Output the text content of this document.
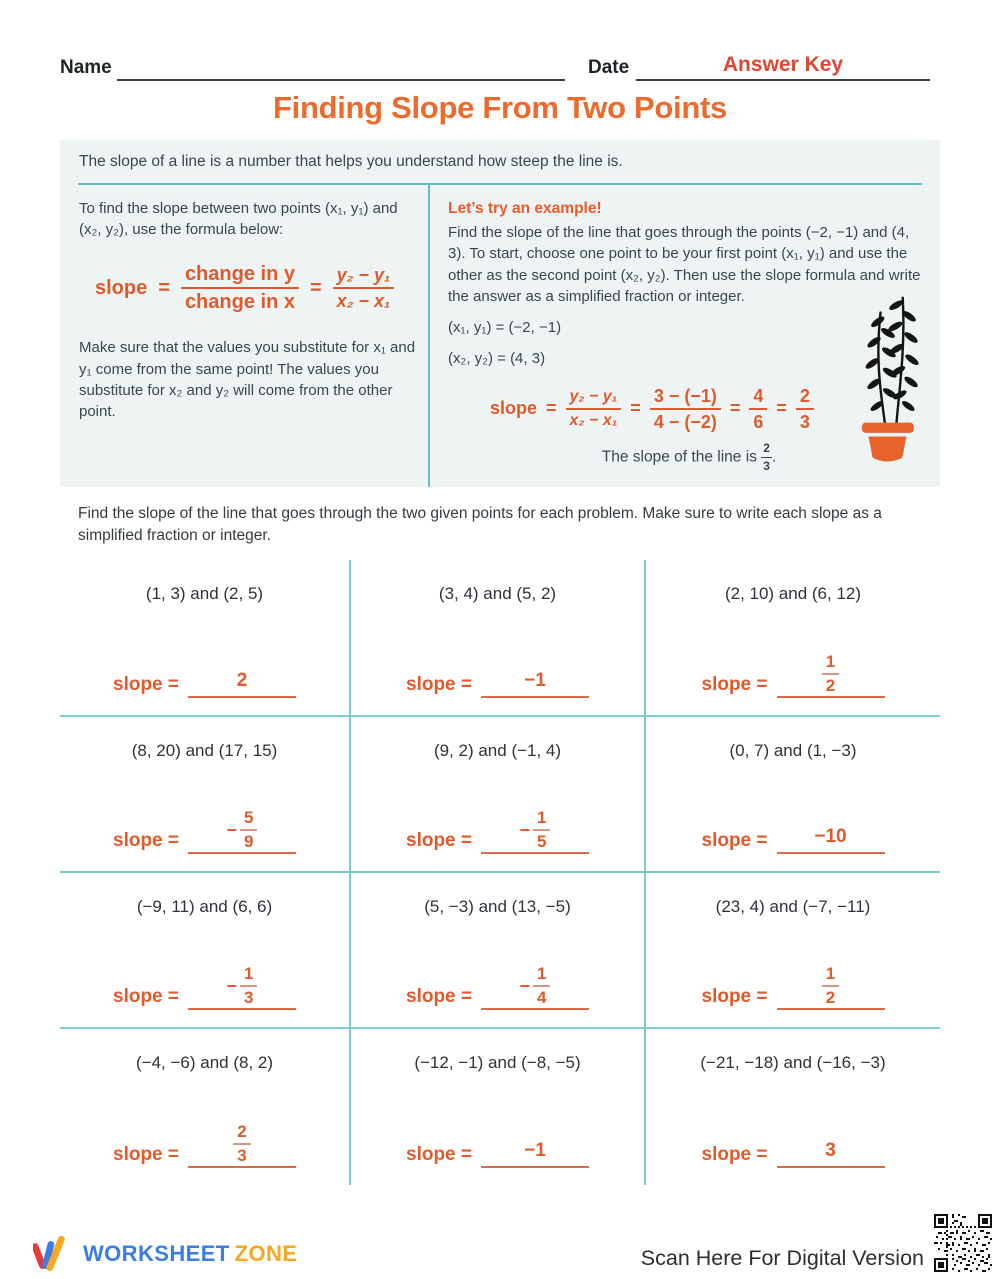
Name	Date	Answer Key
Finding Slope From Two Points
The slope of a line is a number that helps you understand how steep the line is.
To find the slope between two points (x₁, y₁) and (x₂, y₂), use the formula below:
slope = $\frac{\text{change in y}}{\text{change in x}} = \frac{\text{y₂ − y₁}}{\text{x₂ − x₁}}$
Make sure that the values you substitute for x₁ and y₁ come from the same point! The values you substitute for x₂ and y₂ will come from the other point.
Let’s try an example!
Find the slope of the line that goes through the points (−2, −1) and (4, 3). To start, choose one point to be your first point (x₁, y₁) and use the other as the second point (x₂, y₂). Then use the slope formula and write the answer as a simplified fraction or integer.
(x₁, y₁) = (−2, −1)
(x₂, y₂) = (4, 3)
slope = $\frac{\text{y₂ − y₁}}{\text{x₂ − x₁}} = \frac{3 - (-1)}{4 - (-2)} = \frac{4}{6} = \frac{2}{3}$
The slope of the line is $\frac{2}{3}$ .
Find the slope of the line that goes through the two given points for each problem. Make sure to write each slope as a simplified fraction or integer.
(1, 3) and (2, 5)
slope =	2
(3, 4) and (5, 2)
slope =	−1
(2, 10) and (6, 12)
slope =
1
2
(8, 20) and (17, 15)
slope =
− $\frac{5}{9}$
(9, 2) and (−1, 4)
slope =
− $\frac{1}{5}$
(0, 7) and (1, −3)
slope = −10
(−9, 11) and (6, 6)
slope =
− $\frac{1}{3}$
(5, −3) and (13, −5)
slope =
− $\frac{1}{4}$
(23, 4) and (−7, −11)
slope =
1
2
(−4, −6) and (8, 2)
slope =
2
3
(−12, −1) and (−8, −5)
slope =	−1
(−21, −18) and (−16, −3)
slope =	3
WORKSHEET ZONE	Scan Here For Digital Version
